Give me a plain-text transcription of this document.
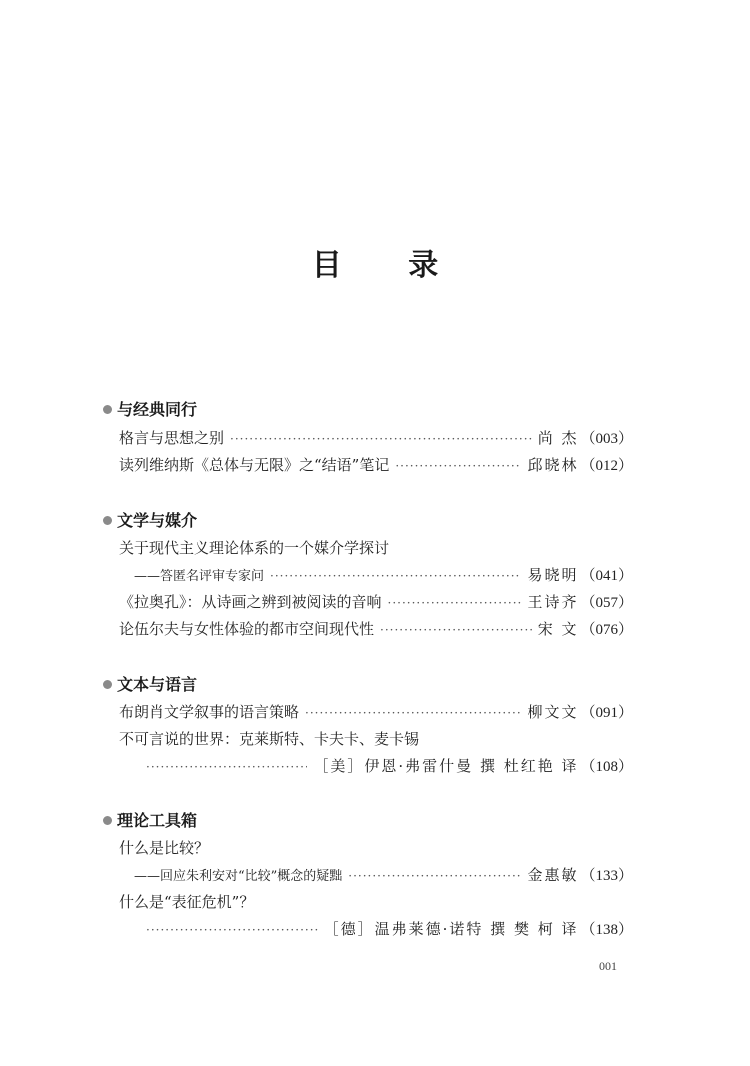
目 录
与经典同行
格言与思想之别 ·····	尚 杰 （003）
读列维纳斯《总体与无限》之“结语”笔记 ·····	邱晓林 （012）
文学与媒介
关于现代主义理论体系的一个媒介学探讨
——答匿名评审专家问 ·····	易晓明 （041）
《拉奥孔》：从诗画之辨到被阅读的音响 ·····	王诗齐 （057）
论伍尔夫与女性体验的都市空间现代性 ·····	宋 文 （076）
文本与语言
布朗肖文学叙事的语言策略 ·····	柳文文 （091）
不可言说的世界：克莱斯特、卡夫卡、麦卡锡
·····
［美］伊恩·弗雷什曼 撰 杜红艳 译 （108）
理论工具箱
什么是比较？
——回应朱利安对“比较”概念的疑黜 ·····	金惠敏 （133）
什么是“表征危机”？
·····
［德］温弗莱德·诺特 撰 樊 柯 译 （138）
001
